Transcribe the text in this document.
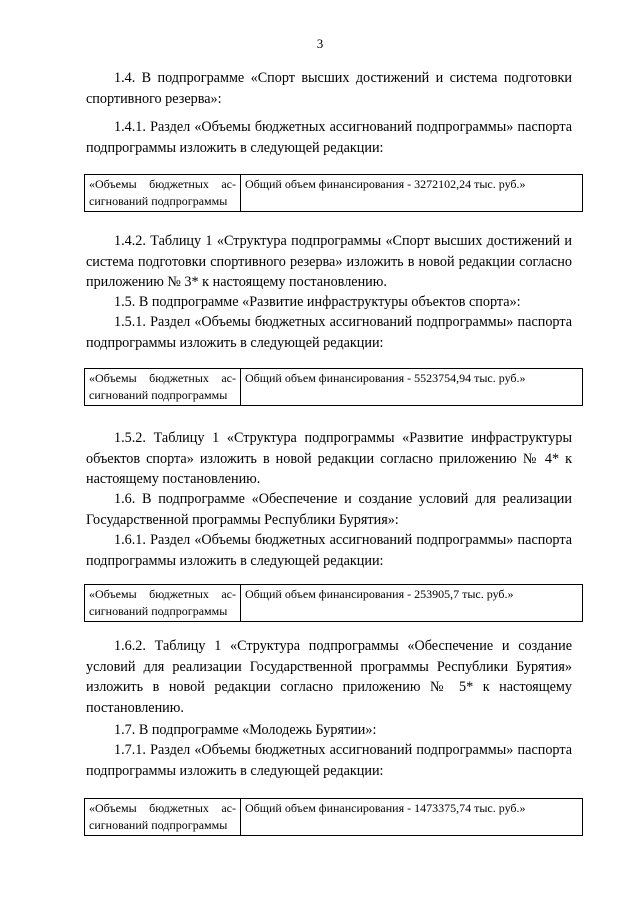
3

1.4. В подпрограмме «Спорт высших достижений и система подготовки спортивного резерва»:

1.4.1. Раздел «Объемы бюджетных ассигнований подпрограммы» паспорта подпрограммы изложить в следующей редакции:

«Объемы бюджетных ас-
сигнований подпрограммы
Общий объем финансирования - 3272102,24 тыс. руб.»

1.4.2. Таблицу 1 «Структура подпрограммы «Спорт высших достижений и система подготовки спортивного резерва» изложить в новой редакции согласно приложению № 3* к настоящему постановлению.

1.5. В подпрограмме «Развитие инфраструктуры объектов спорта»:

1.5.1. Раздел «Объемы бюджетных ассигнований подпрограммы» паспорта подпрограммы изложить в следующей редакции:

«Объемы бюджетных ас-
сигнований подпрограммы
Общий объем финансирования - 5523754,94 тыс. руб.»

1.5.2. Таблицу 1 «Структура подпрограммы «Развитие инфраструктуры объектов спорта» изложить в новой редакции согласно приложению № 4* к настоящему постановлению.

1.6. В подпрограмме «Обеспечение и создание условий для реализации Государственной программы Республики Бурятия»:

1.6.1. Раздел «Объемы бюджетных ассигнований подпрограммы» паспорта подпрограммы изложить в следующей редакции:

«Объемы бюджетных ас-
сигнований подпрограммы
Общий объем финансирования - 253905,7 тыс. руб.»

1.6.2. Таблицу 1 «Структура подпрограммы «Обеспечение и создание условий для реализации Государственной программы Республики Бурятия» изложить в новой редакции согласно приложению № 5* к настоящему постановлению.

1.7. В подпрограмме «Молодежь Бурятии»:

1.7.1. Раздел «Объемы бюджетных ассигнований подпрограммы» паспорта подпрограммы изложить в следующей редакции:

«Объемы бюджетных ас-
сигнований подпрограммы
Общий объем финансирования - 1473375,74 тыс. руб.»
